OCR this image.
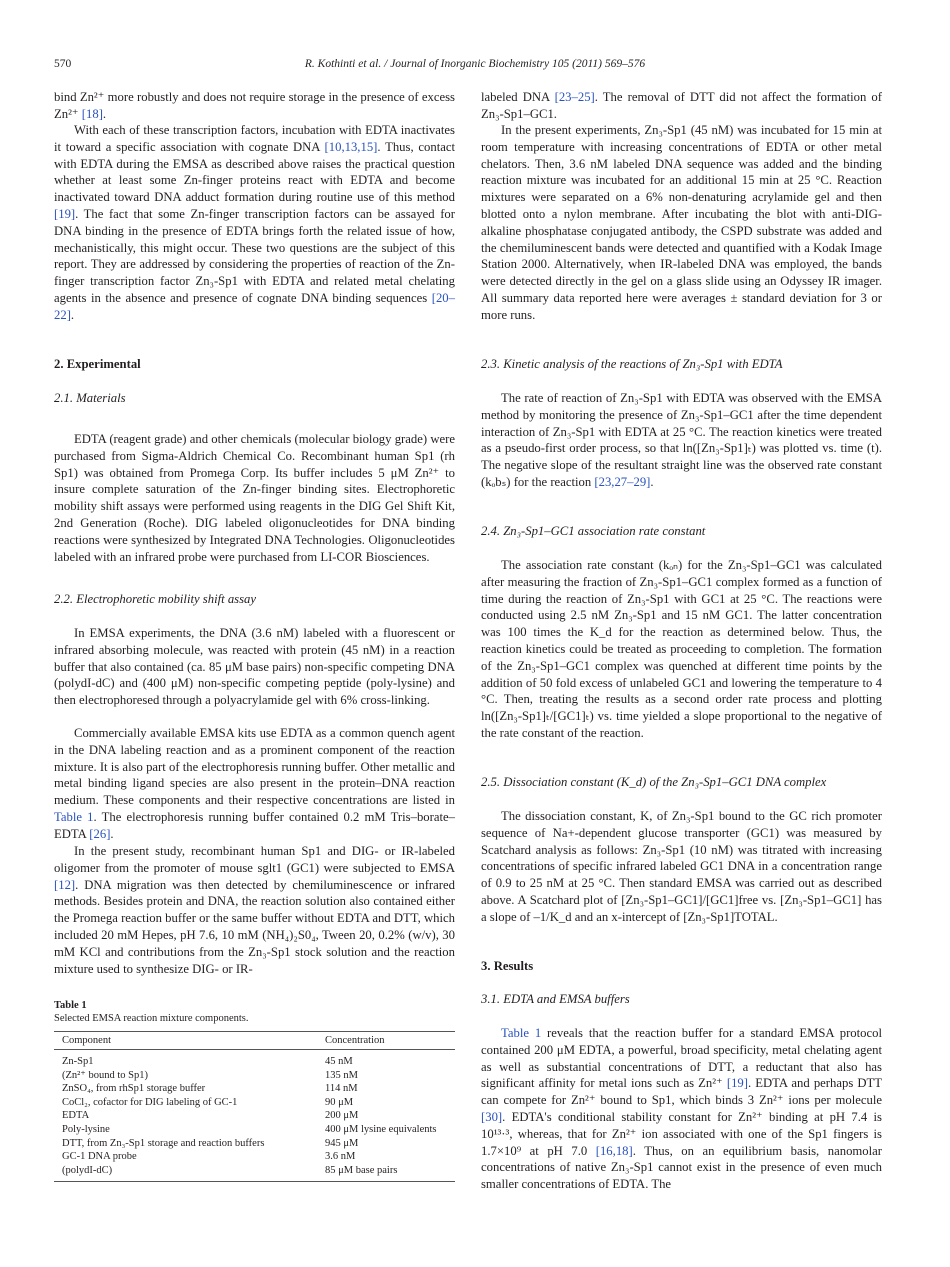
570	R. Kothinti et al. / Journal of Inorganic Biochemistry 105 (2011) 569–576
bind Zn²⁺ more robustly and does not require storage in the presence of excess Zn²⁺ [18].
With each of these transcription factors, incubation with EDTA inactivates it toward a specific association with cognate DNA [10,13,15]. Thus, contact with EDTA during the EMSA as described above raises the practical question whether at least some Zn-finger proteins react with EDTA and become inactivated toward DNA adduct formation during routine use of this method [19]. The fact that some Zn-finger transcription factors can be assayed for DNA binding in the presence of EDTA brings forth the related issue of how, mechanistically, this might occur. These two questions are the subject of this report. They are addressed by considering the properties of reaction of the Zn-finger transcription factor Zn₃-Sp1 with EDTA and related metal chelating agents in the absence and presence of cognate DNA binding sequences [20–22].
2. Experimental
2.1. Materials
EDTA (reagent grade) and other chemicals (molecular biology grade) were purchased from Sigma-Aldrich Chemical Co. Recombinant human Sp1 (rh Sp1) was obtained from Promega Corp. Its buffer includes 5 μM Zn²⁺ to insure complete saturation of the Zn-finger binding sites. Electrophoretic mobility shift assays were performed using reagents in the DIG Gel Shift Kit, 2nd Generation (Roche). DIG labeled oligonucleotides for DNA binding reactions were synthesized by Integrated DNA Technologies. Oligonucleotides labeled with an infrared probe were purchased from LI-COR Biosciences.
2.2. Electrophoretic mobility shift assay
In EMSA experiments, the DNA (3.6 nM) labeled with a fluorescent or infrared absorbing molecule, was reacted with protein (45 nM) in a reaction buffer that also contained (ca. 85 μM base pairs) non-specific competing DNA (polydI-dC) and (400 μM) non-specific competing peptide (poly-lysine) and then electrophoresed through a polyacrylamide gel with 6% cross-linking.
Commercially available EMSA kits use EDTA as a common quench agent in the DNA labeling reaction and as a prominent component of the reaction mixture. It is also part of the electrophoresis running buffer. Other metallic and metal binding ligand species are also present in the protein–DNA reaction medium. These components and their respective concentrations are listed in Table 1. The electrophoresis running buffer contained 0.2 mM Tris–borate–EDTA [26].
In the present study, recombinant human Sp1 and DIG- or IR-labeled oligomer from the promoter of mouse sglt1 (GC1) were subjected to EMSA [12]. DNA migration was then detected by chemiluminescence or infrared methods. Besides protein and DNA, the reaction solution also contained either the Promega reaction buffer or the same buffer without EDTA and DTT, which included 20 mM Hepes, pH 7.6, 10 mM (NH₄)₂S0₄, Tween 20, 0.2% (w/v), 30 mM KCl and contributions from the Zn₃-Sp1 stock solution and the reaction mixture used to synthesize DIG- or IR-
Table 1
Selected EMSA reaction mixture components.
Component	Concentration
Zn-Sp1	45 nM
(Zn²⁺ bound to Sp1)	135 nM
ZnSO₄, from rhSp1 storage buffer	114 nM
CoCl₂, cofactor for DIG labeling of GC-1	90 μM
EDTA	200 μM
Poly-lysine	400 μM lysine equivalents
DTT, from Zn₃-Sp1 storage and reaction buffers	945 μM
GC-1 DNA probe	3.6 nM
(polydI-dC)	85 μM base pairs
labeled DNA [23–25]. The removal of DTT did not affect the formation of Zn₃-Sp1–GC1.
In the present experiments, Zn₃-Sp1 (45 nM) was incubated for 15 min at room temperature with increasing concentrations of EDTA or other metal chelators. Then, 3.6 nM labeled DNA sequence was added and the binding reaction mixture was incubated for an additional 15 min at 25 °C. Reaction mixtures were separated on a 6% non-denaturing acrylamide gel and then blotted onto a nylon membrane. After incubating the blot with anti-DIG-alkaline phosphatase conjugated antibody, the CSPD substrate was added and the chemiluminescent bands were detected and quantified with a Kodak Image Station 2000. Alternatively, when IR-labeled DNA was employed, the bands were detected directly in the gel on a glass slide using an Odyssey IR imager. All summary data reported here were averages ± standard deviation for 3 or more runs.
2.3. Kinetic analysis of the reactions of Zn₃-Sp1 with EDTA
The rate of reaction of Zn₃-Sp1 with EDTA was observed with the EMSA method by monitoring the presence of Zn₃-Sp1–GC1 after the time dependent interaction of Zn₃-Sp1 with EDTA at 25 °C. The reaction kinetics were treated as a pseudo-first order process, so that ln([Zn₃-Sp1]ₜ) was plotted vs. time (t). The negative slope of the resultant straight line was the observed rate constant (kₒbₛ) for the reaction [23,27–29].
2.4. Zn₃-Sp1–GC1 association rate constant
The association rate constant (kₒₙ) for the Zn₃-Sp1–GC1 was calculated after measuring the fraction of Zn₃-Sp1–GC1 complex formed as a function of time during the reaction of Zn₃-Sp1 with GC1 at 25 °C. The reactions were conducted using 2.5 nM Zn₃-Sp1 and 15 nM GC1. The latter concentration was 100 times the K_d for the reaction as determined below. Thus, the reaction kinetics could be treated as proceeding to completion. The formation of the Zn₃-Sp1–GC1 complex was quenched at different time points by the addition of 50 fold excess of unlabeled GC1 and lowering the temperature to 4 °C. Then, treating the results as a second order rate process and plotting ln([Zn₃-Sp1]ₜ/[GC1]ₜ) vs. time yielded a slope proportional to the negative of the rate constant of the reaction.
2.5. Dissociation constant (K_d) of the Zn₃-Sp1–GC1 DNA complex
The dissociation constant, K, of Zn₃-Sp1 bound to the GC rich promoter sequence of Na+-dependent glucose transporter (GC1) was measured by Scatchard analysis as follows: Zn₃-Sp1 (10 nM) was titrated with increasing concentrations of specific infrared labeled GC1 DNA in a concentration range of 0.9 to 25 nM at 25 °C. Then standard EMSA was carried out as described above. A Scatchard plot of [Zn₃-Sp1–GC1]/[GC1]free vs. [Zn₃-Sp1–GC1] has a slope of –1/K_d and an x-intercept of [Zn₃-Sp1]TOTAL.
3. Results
3.1. EDTA and EMSA buffers
Table 1 reveals that the reaction buffer for a standard EMSA protocol contained 200 μM EDTA, a powerful, broad specificity, metal chelating agent as well as substantial concentrations of DTT, a reductant that also has significant affinity for metal ions such as Zn²⁺ [19]. EDTA and perhaps DTT can compete for Zn²⁺ bound to Sp1, which binds 3 Zn²⁺ ions per molecule [30]. EDTA's conditional stability constant for Zn²⁺ binding at pH 7.4 is 10¹³·³, whereas, that for Zn²⁺ ion associated with one of the Sp1 fingers is 1.7×10⁹ at pH 7.0 [16,18]. Thus, on an equilibrium basis, nanomolar concentrations of native Zn₃-Sp1 cannot exist in the presence of even much smaller concentrations of EDTA. The
